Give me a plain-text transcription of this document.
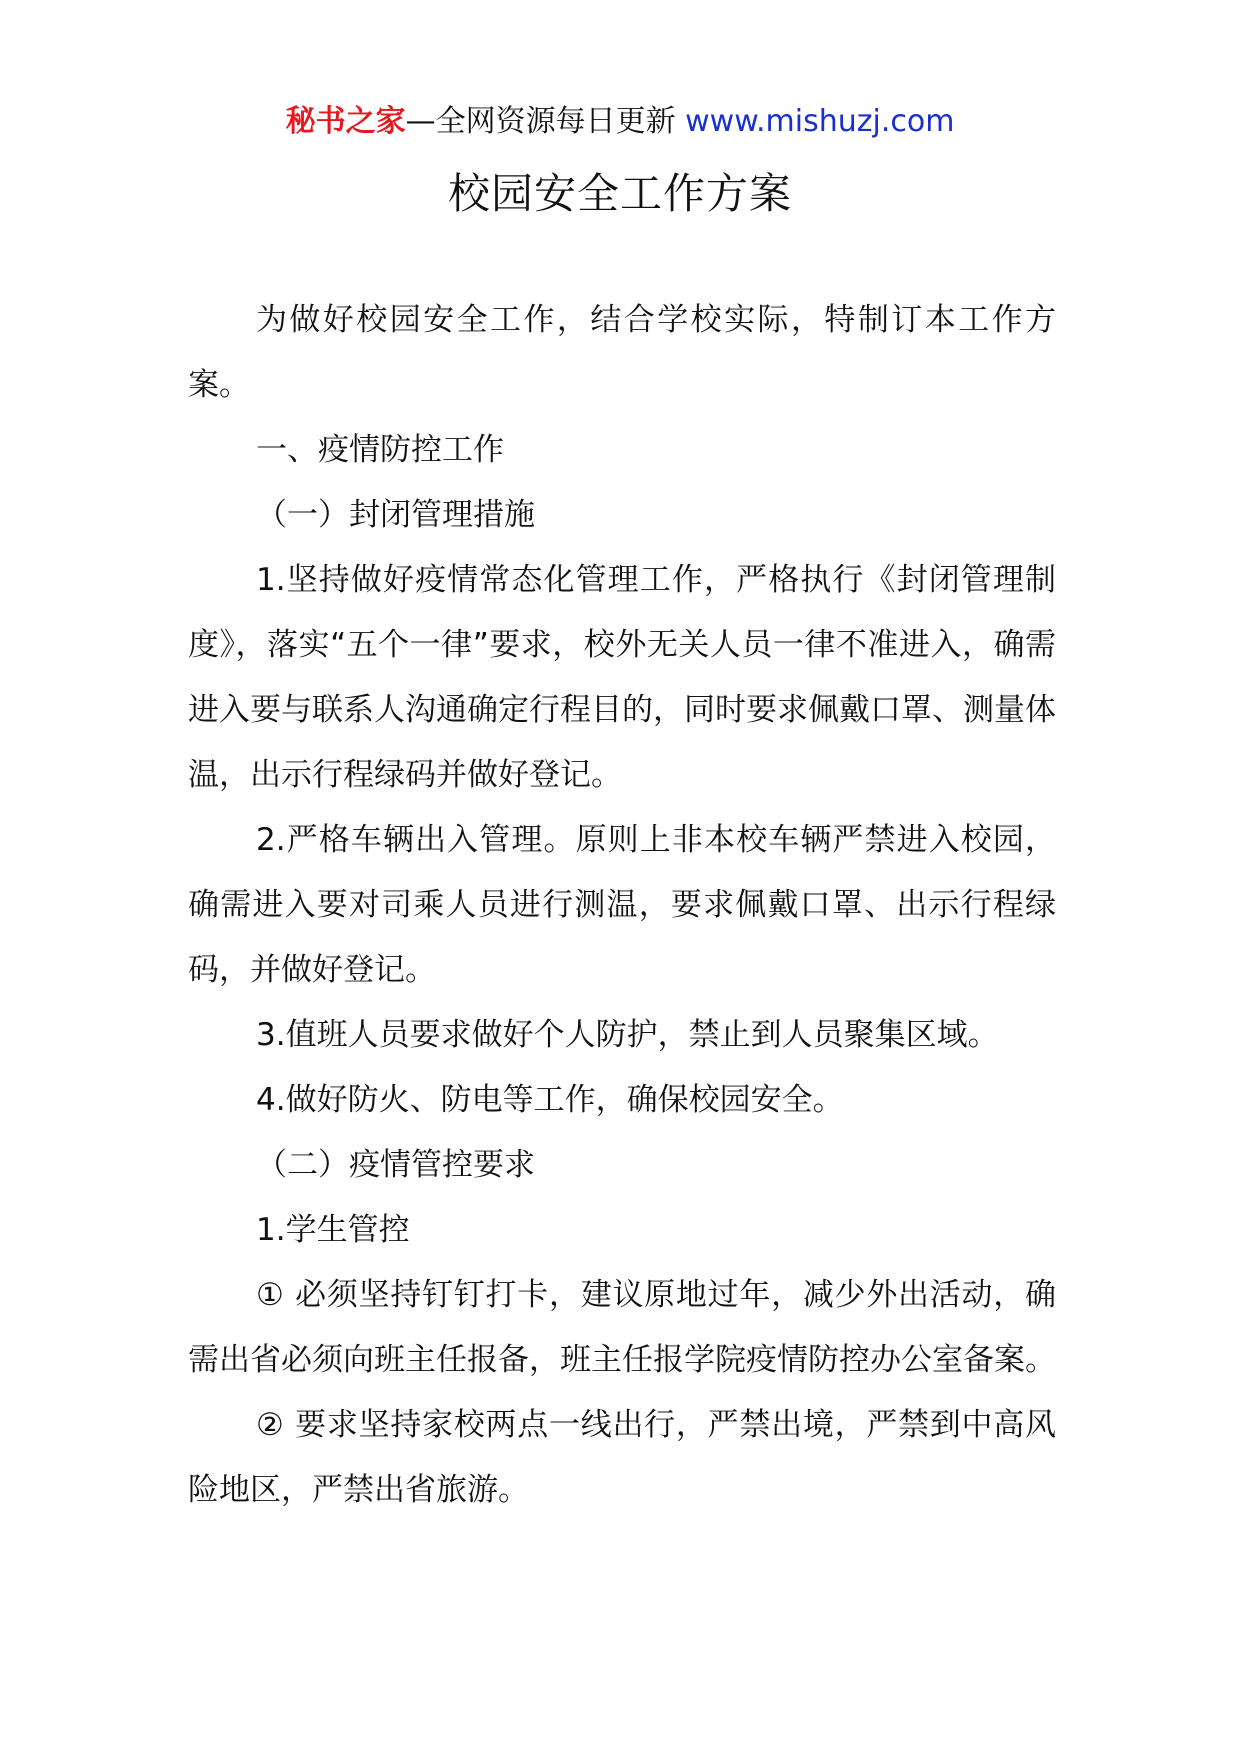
秘书之家—全网资源每日更新 www.mishuzj.com
校园安全工作方案

为做好校园安全工作，结合学校实际，特制订本工作方案。

一、疫情防控工作

（一）封闭管理措施

1.坚持做好疫情常态化管理工作，严格执行《封闭管理制度》，落实“五个一律”要求，校外无关人员一律不准进入，确需进入要与联系人沟通确定行程目的，同时要求佩戴口罩、测量体温，出示行程绿码并做好登记。

2.严格车辆出入管理。原则上非本校车辆严禁进入校园，确需进入要对司乘人员进行测温，要求佩戴口罩、出示行程绿码，并做好登记。

3.值班人员要求做好个人防护，禁止到人员聚集区域。

4.做好防火、防电等工作，确保校园安全。

（二）疫情管控要求

1.学生管控

① 必须坚持钉钉打卡，建议原地过年，减少外出活动，确需出省必须向班主任报备，班主任报学院疫情防控办公室备案。

② 要求坚持家校两点一线出行，严禁出境，严禁到中高风险地区，严禁出省旅游。
